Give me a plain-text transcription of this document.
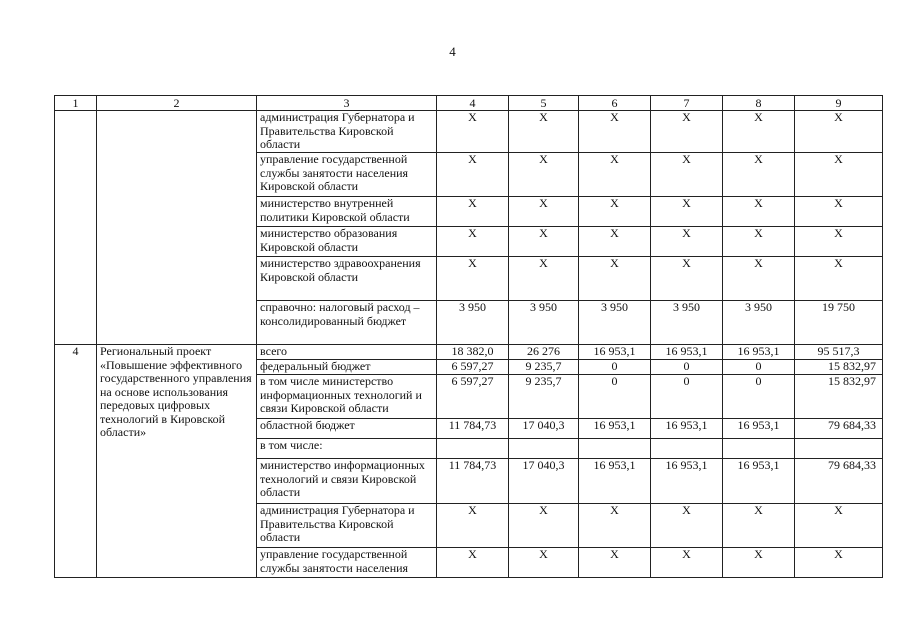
4
1	2	3	4	5	6	7	8	9
		администрация Губернатора и Правительства Кировской области	X	X	X	X	X	X
		управление государственной службы занятости населения Кировской области	X	X	X	X	X	X
		министерство внутренней политики Кировской области	X	X	X	X	X	X
		министерство образования Кировской области	X	X	X	X	X	X
		министерство здравоохранения Кировской области	X	X	X	X	X	X
		справочно: налоговый расход – консолидированный бюджет	3 950	3 950	3 950	3 950	3 950	19 750
4	Региональный проект «Повышение эффективного государственного управления на основе использования передовых цифровых технологий в Кировской области»	всего	18 382,0	26 276	16 953,1	16 953,1	16 953,1	95 517,3
		федеральный бюджет	6 597,27	9 235,7	0	0	0	15 832,97
		в том числе министерство информационных технологий и связи Кировской области	6 597,27	9 235,7	0	0	0	15 832,97
		областной бюджет	11 784,73	17 040,3	16 953,1	16 953,1	16 953,1	79 684,33
		в том числе:						
		министерство информационных технологий и связи Кировской области	11 784,73	17 040,3	16 953,1	16 953,1	16 953,1	79 684,33
		администрация Губернатора и Правительства Кировской области	X	X	X	X	X	X
		управление государственной службы занятости населения	X	X	X	X	X	X
